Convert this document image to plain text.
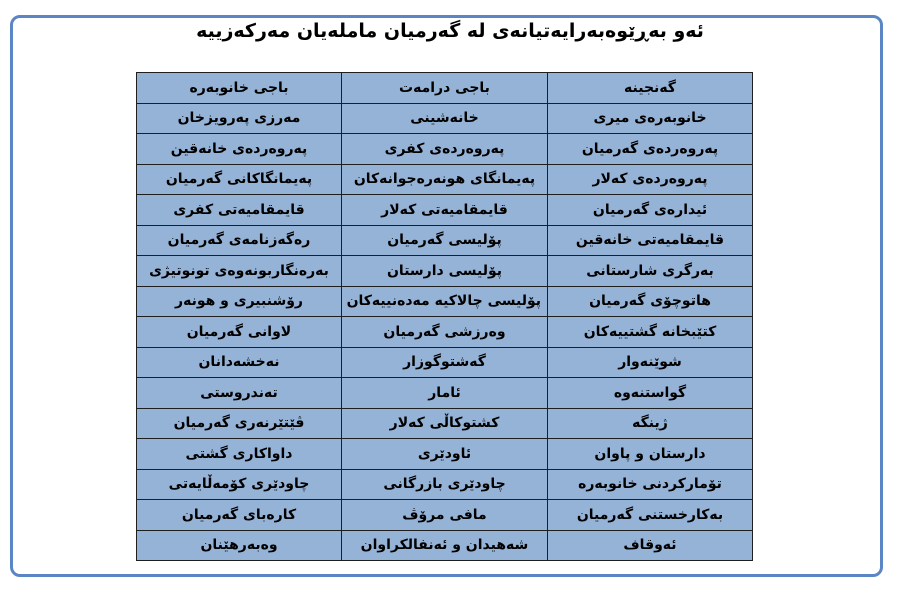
ئەو بەڕێوەبەرایەتیانەی لە گەرمیان ماملەیان مەرکەزییە
گەنجینە	باجی درامەت	باجی خانوبەرە
خانوبەرەی میری	خانەشینی	مەرزی پەرویزخان
پەروەردەی گەرمیان	پەروەردەی کفری	پەروەردەی خانەقین
پەروەردەی کەلار	پەیمانگای هونەرەجوانەکان	پەیمانگاکانی گەرمیان
ئیدارەی گەرمیان	قایمقامیەتی کەلار	قایمقامیەتی کفری
قایمقامیەتی خانەقین	پۆلیسی گەرمیان	رەگەزنامەی گەرمیان
بەرگری شارستانی	پۆلیسی دارستان	بەرەنگاربونەوەی تونوتیژی
هاتوچۆی گەرمیان	پۆلیسی چالاکیە مەدەنییەکان	رۆشنبیری و هونەر
کتێبخانە گشتییەکان	وەرزشی گەرمیان	لاوانی گەرمیان
شوێنەوار	گەشتوگوزار	نەخشەدانان
گواستنەوە	ئامار	تەندروستی
ژینگە	کشتوکاڵی کەلار	ڤێتێرنەری گەرمیان
دارستان و پاوان	ئاودێری	داواکاری گشتی
تۆمارکردنی خانوبەرە	چاودێری بازرگانی	چاودێری کۆمەڵایەتی
بەکارخستنی گەرمیان	مافی مرۆڤ	کارەبای گەرمیان
ئەوقاف	شەهیدان و ئەنفالکراوان	وەبەرهێنان
